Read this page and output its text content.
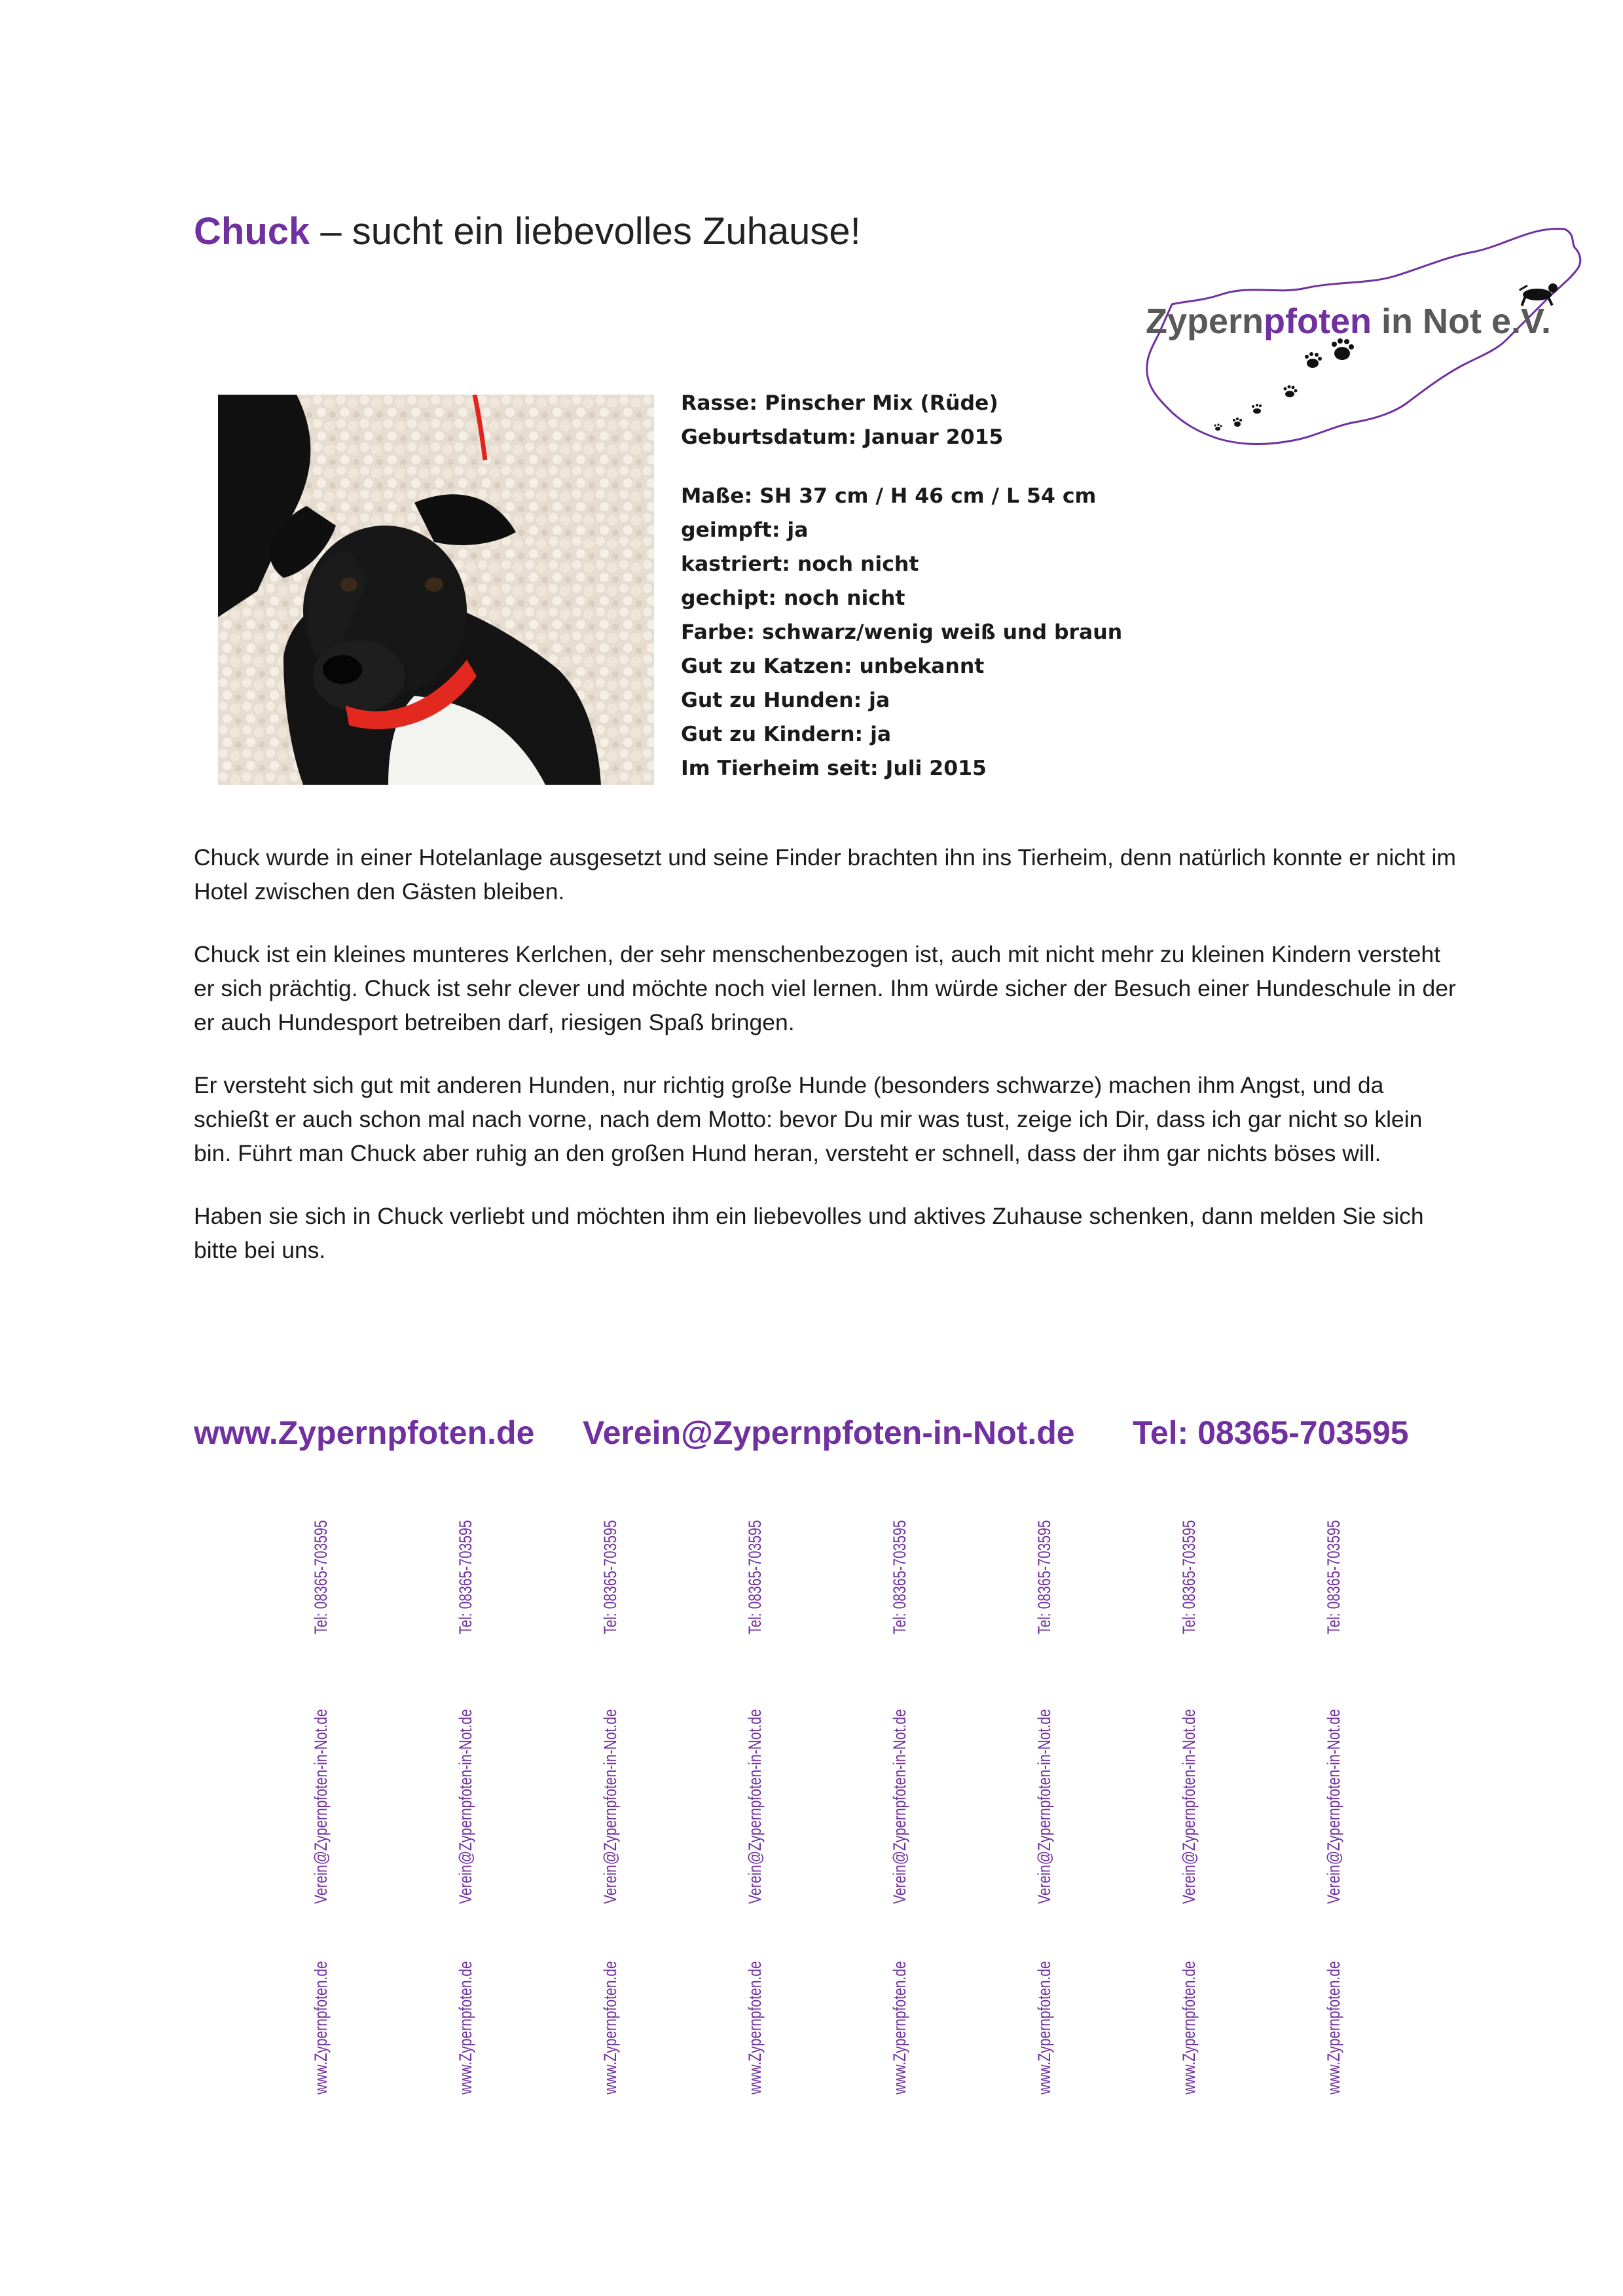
Chuck – sucht ein liebevolles Zuhause!
Zypernpfoten in Not e.V.
Rasse: Pinscher Mix (Rüde)
Geburtsdatum: Januar 2015
Maße: SH 37 cm / H 46 cm / L 54 cm
geimpft: ja
kastriert: noch nicht
gechipt: noch nicht
Farbe: schwarz/wenig weiß und braun
Gut zu Katzen: unbekannt
Gut zu Hunden: ja
Gut zu Kindern: ja
Im Tierheim seit: Juli 2015

Chuck wurde in einer Hotelanlage ausgesetzt und seine Finder brachten ihn ins Tierheim, denn natürlich konnte er nicht im Hotel zwischen den Gästen bleiben.

Chuck ist ein kleines munteres Kerlchen, der sehr menschenbezogen ist, auch mit nicht mehr zu kleinen Kindern versteht er sich prächtig. Chuck ist sehr clever und möchte noch viel lernen. Ihm würde sicher der Besuch einer Hundeschule in der er auch Hundesport betreiben darf, riesigen Spaß bringen.

Er versteht sich gut mit anderen Hunden, nur richtig große Hunde (besonders schwarze) machen ihm Angst, und da schießt er auch schon mal nach vorne, nach dem Motto: bevor Du mir was tust, zeige ich Dir, dass ich gar nicht so klein bin. Führt man Chuck aber ruhig an den großen Hund heran, versteht er schnell, dass der ihm gar nichts böses will.

Haben sie sich in Chuck verliebt und möchten ihm ein liebevolles und aktives Zuhause schenken, dann melden Sie sich bitte bei uns.

www.Zypernpfoten.de Verein@Zypernpfoten-in-Not.de Tel: 08365-703595
www.Zypernpfoten.de
Verein@Zypernpfoten-in-Not.de
Tel: 08365-703595
www.Zypernpfoten.de
Verein@Zypernpfoten-in-Not.de
Tel: 08365-703595
www.Zypernpfoten.de
Verein@Zypernpfoten-in-Not.de
Tel: 08365-703595
www.Zypernpfoten.de
Verein@Zypernpfoten-in-Not.de
Tel: 08365-703595
www.Zypernpfoten.de
Verein@Zypernpfoten-in-Not.de
Tel: 08365-703595
www.Zypernpfoten.de
Verein@Zypernpfoten-in-Not.de
Tel: 08365-703595
www.Zypernpfoten.de
Verein@Zypernpfoten-in-Not.de
Tel: 08365-703595
www.Zypernpfoten.de
Verein@Zypernpfoten-in-Not.de
Tel: 08365-703595
